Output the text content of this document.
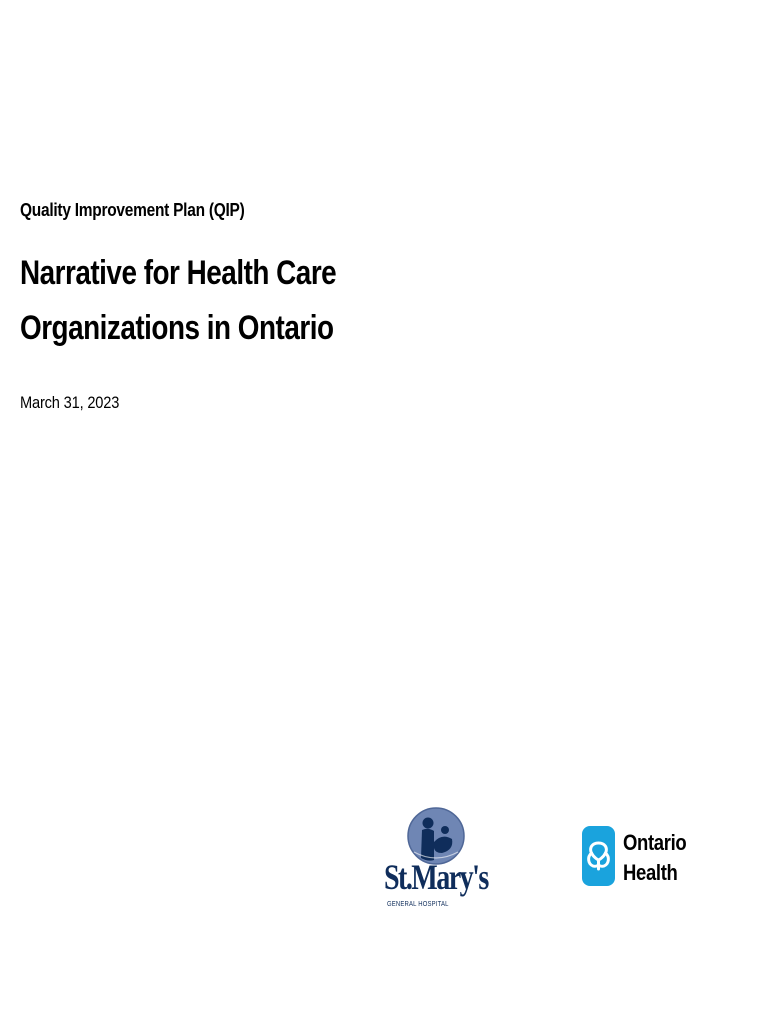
Quality Improvement Plan (QIP)
Narrative for Health Care
Organizations in Ontario
March 31, 2023
St.Mary's
GENERAL HOSPITAL
Ontario
Health
